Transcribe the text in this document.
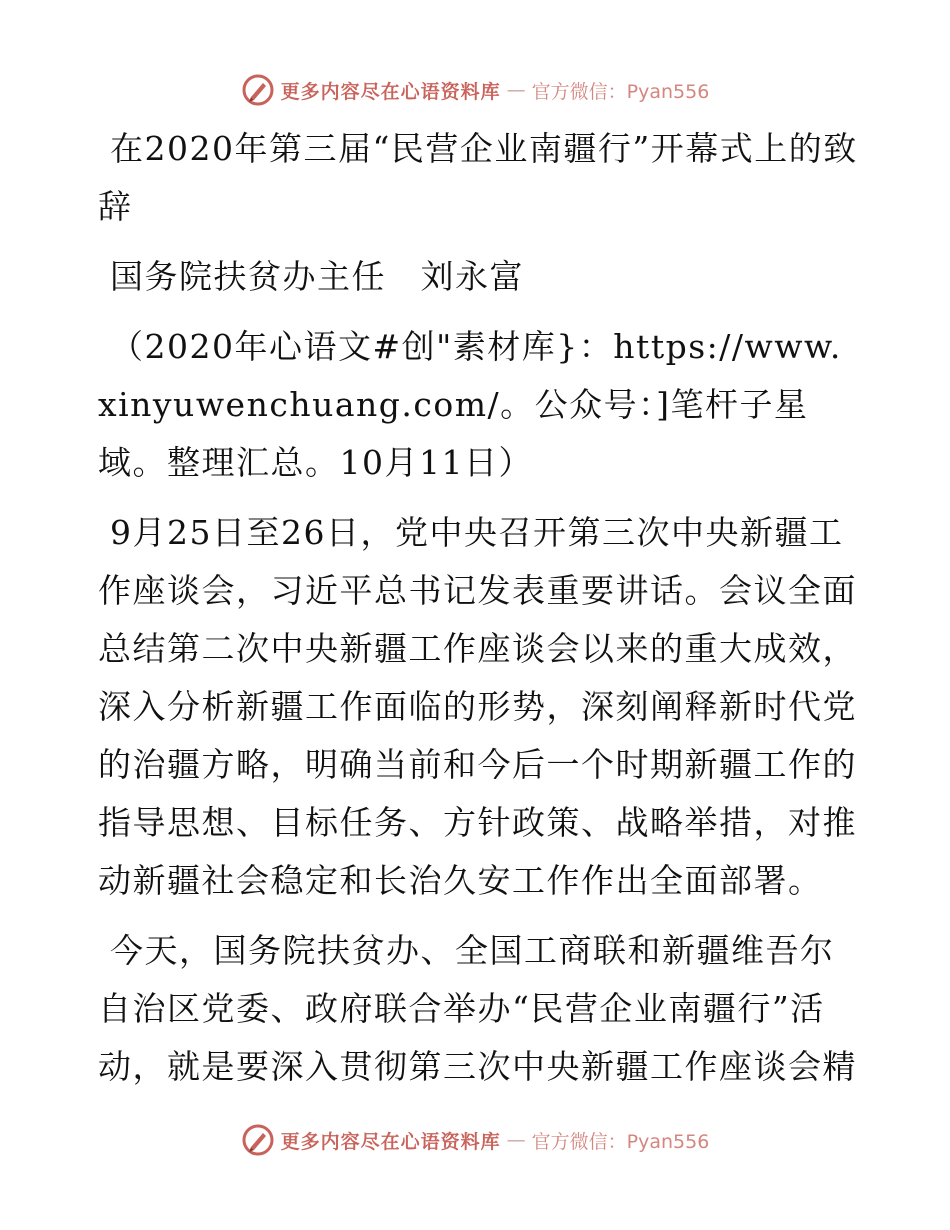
更多内容尽在心语资料库 — 官方微信：Pyan556

在2020年第三届“民营企业南疆行”开幕式上的致辞

国务院扶贫办主任　刘永富

（2020年心语文#创"素材库}：https://www.xinyuwenchuang.com/。公众号：]笔杆子星域。整理汇总。10月11日）

9月25日至26日，党中央召开第三次中央新疆工作座谈会，习近平总书记发表重要讲话。会议全面总结第二次中央新疆工作座谈会以来的重大成效，深入分析新疆工作面临的形势，深刻阐释新时代党的治疆方略，明确当前和今后一个时期新疆工作的指导思想、目标任务、方针政策、战略举措，对推动新疆社会稳定和长治久安工作作出全面部署。

今天，国务院扶贫办、全国工商联和新疆维吾尔自治区党委、政府联合举办“民营企业南疆行”活动，就是要深入贯彻第三次中央新疆工作座谈会精

更多内容尽在心语资料库 — 官方微信：Pyan556
